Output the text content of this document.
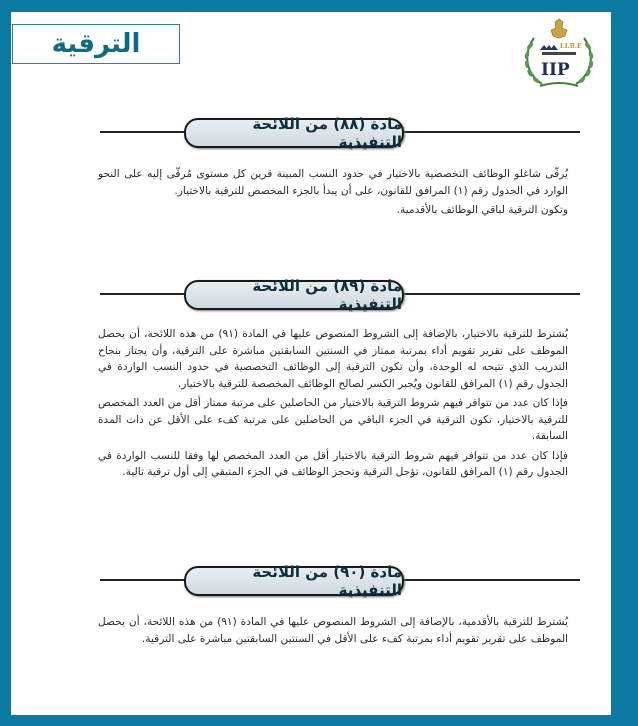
الترقية	I.I.B.E
IIP
مادة (٨٨) من اللائحة التنفيذية

يُرقّى شاغلو الوظائف التخصصية بالاختيار في حدود النسب المبينة قرين كل مستوى مُرقّى إليه على النحو الوارد في الجدول رقم (١) المرافق للقانون، على أن يبدأ بالجزء المخصص للترقية بالاختيار.

وتكون الترقية لباقي الوظائف بالأقدمية.

مادة (٨٩) من اللائحة التنفيذية

يُشترط للترقية بالاختيار، بالإضافة إلى الشروط المنصوص عليها في المادة (٩١) من هذه اللائحة، أن يحصل الموظف على تقرير تقويم أداء بمرتبة ممتاز في السنتين السابقتين مباشرة على الترقية، وأن يجتاز بنجاح التدريب الذي تتيحه له الوحدة، وأن تكون الترقية إلى الوظائف التخصصية في حدود النسب الواردة في الجدول رقم (١) المرافق للقانون ويُجبر الكسر لصالح الوظائف المخصصة للترقية بالاختيار.

فإذا كان عدد من تتوافر فيهم شروط الترقية بالاختيار من الحاصلين على مرتبة ممتاز أقل من العدد المخصص للترقية بالاختيار، تكون الترقية في الجزء الباقي من الحاصلين على مرتبة كفء على الأقل عن ذات المدة السابقة.

فإذا كان عدد من تتوافر فيهم شروط الترقية بالاختيار أقل من العدد المخصص لها وفقا للنسب الواردة في الجدول رقم (١) المرافق للقانون، تؤجل الترقية وتحجز الوظائف في الجزء المتبقي إلى أول ترقية تالية.

مادة (٩٠) من اللائحة التنفيذية

يُشترط للترقية بالأقدمية، بالإضافة إلى الشروط المنصوص عليها في المادة (٩١) من هذه اللائحة، أن يحصل الموظف على تقرير تقويم أداء بمرتبة كفء على الأقل في السنتين السابقتين مباشرة على الترقية.
